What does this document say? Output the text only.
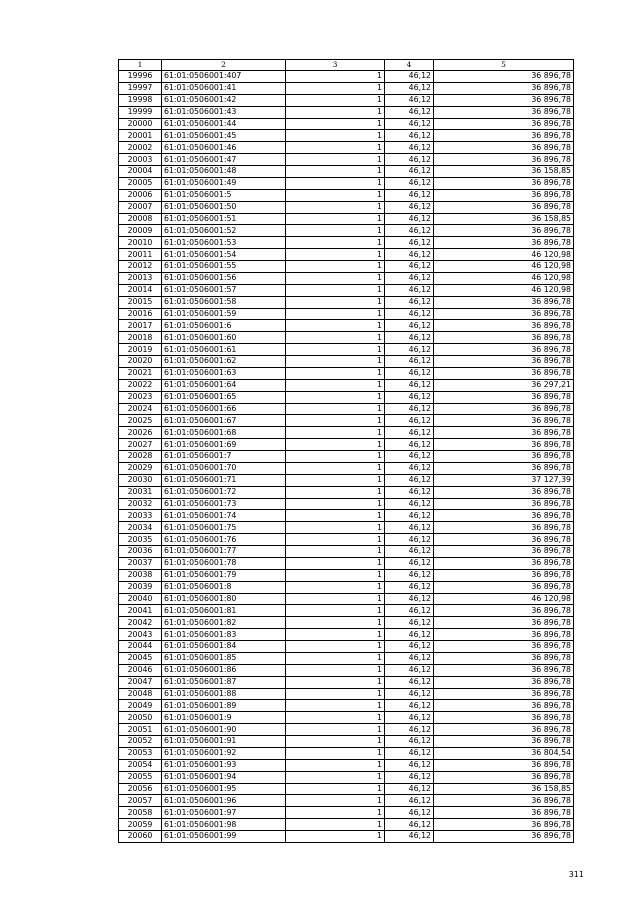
1	2	3	4	5
19996	61:01:0506001:407	1	46,12	36 896,78
19997	61:01:0506001:41	1	46,12	36 896,78
19998	61:01:0506001:42	1	46,12	36 896,78
19999	61:01:0506001:43	1	46,12	36 896,78
20000	61:01:0506001:44	1	46,12	36 896,78
20001	61:01:0506001:45	1	46,12	36 896,78
20002	61:01:0506001:46	1	46,12	36 896,78
20003	61:01:0506001:47	1	46,12	36 896,78
20004	61:01:0506001:48	1	46,12	36 158,85
20005	61:01:0506001:49	1	46,12	36 896,78
20006	61:01:0506001:5	1	46,12	36 896,78
20007	61:01:0506001:50	1	46,12	36 896,78
20008	61:01:0506001:51	1	46,12	36 158,85
20009	61:01:0506001:52	1	46,12	36 896,78
20010	61:01:0506001:53	1	46,12	36 896,78
20011	61:01:0506001:54	1	46,12	46 120,98
20012	61:01:0506001:55	1	46,12	46 120,98
20013	61:01:0506001:56	1	46,12	46 120,98
20014	61:01:0506001:57	1	46,12	46 120,98
20015	61:01:0506001:58	1	46,12	36 896,78
20016	61:01:0506001:59	1	46,12	36 896,78
20017	61:01:0506001:6	1	46,12	36 896,78
20018	61:01:0506001:60	1	46,12	36 896,78
20019	61:01:0506001:61	1	46,12	36 896,78
20020	61:01:0506001:62	1	46,12	36 896,78
20021	61:01:0506001:63	1	46,12	36 896,78
20022	61:01:0506001:64	1	46,12	36 297,21
20023	61:01:0506001:65	1	46,12	36 896,78
20024	61:01:0506001:66	1	46,12	36 896,78
20025	61:01:0506001:67	1	46,12	36 896,78
20026	61:01:0506001:68	1	46,12	36 896,78
20027	61:01:0506001:69	1	46,12	36 896,78
20028	61:01:0506001:7	1	46,12	36 896,78
20029	61:01:0506001:70	1	46,12	36 896,78
20030	61:01:0506001:71	1	46,12	37 127,39
20031	61:01:0506001:72	1	46,12	36 896,78
20032	61:01:0506001:73	1	46,12	36 896,78
20033	61:01:0506001:74	1	46,12	36 896,78
20034	61:01:0506001:75	1	46,12	36 896,78
20035	61:01:0506001:76	1	46,12	36 896,78
20036	61:01:0506001:77	1	46,12	36 896,78
20037	61:01:0506001:78	1	46,12	36 896,78
20038	61:01:0506001:79	1	46,12	36 896,78
20039	61:01:0506001:8	1	46,12	36 896,78
20040	61:01:0506001:80	1	46,12	46 120,98
20041	61:01:0506001:81	1	46,12	36 896,78
20042	61:01:0506001:82	1	46,12	36 896,78
20043	61:01:0506001:83	1	46,12	36 896,78
20044	61:01:0506001:84	1	46,12	36 896,78
20045	61:01:0506001:85	1	46,12	36 896,78
20046	61:01:0506001:86	1	46,12	36 896,78
20047	61:01:0506001:87	1	46,12	36 896,78
20048	61:01:0506001:88	1	46,12	36 896,78
20049	61:01:0506001:89	1	46,12	36 896,78
20050	61:01:0506001:9	1	46,12	36 896,78
20051	61:01:0506001:90	1	46,12	36 896,78
20052	61:01:0506001:91	1	46,12	36 896,78
20053	61:01:0506001:92	1	46,12	36 804,54
20054	61:01:0506001:93	1	46,12	36 896,78
20055	61:01:0506001:94	1	46,12	36 896,78
20056	61:01:0506001:95	1	46,12	36 158,85
20057	61:01:0506001:96	1	46,12	36 896,78
20058	61:01:0506001:97	1	46,12	36 896,78
20059	61:01:0506001:98	1	46,12	36 896,78
20060	61:01:0506001:99	1	46,12	36 896,78
311
